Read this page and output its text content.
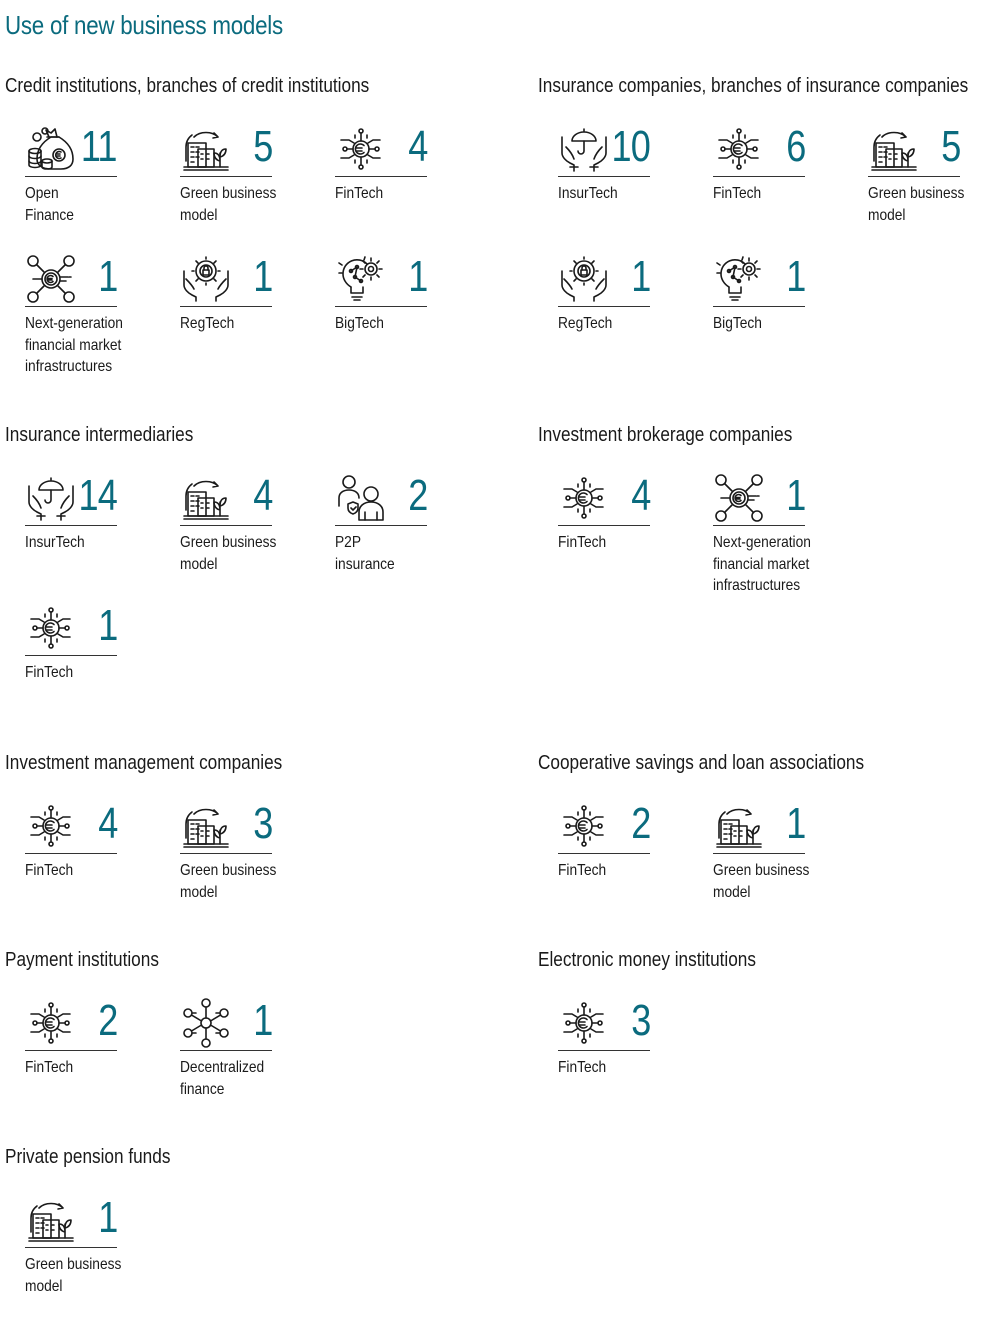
Use of new business models
Credit institutions, branches of credit institutions
11
Open
Finance
5
Green business
model
4
FinTech
1
Next-generation
financial market
infrastructures
1
RegTech
1
BigTech
Insurance companies, branches of insurance companies
10
InsurTech
6
FinTech
5
Green business
model
1
RegTech
1
BigTech
Insurance intermediaries
14
InsurTech
4
Green business
model
2
P2P
insurance
1
FinTech
Investment brokerage companies
4
FinTech
1
Next-generation
financial market
infrastructures
Investment management companies
4
FinTech
3
Green business
model
Cooperative savings and loan associations
2
FinTech
1
Green business
model
Payment institutions
2
FinTech
1
Decentralized
finance
Electronic money institutions
3
FinTech
Private pension funds
1
Green business
model
